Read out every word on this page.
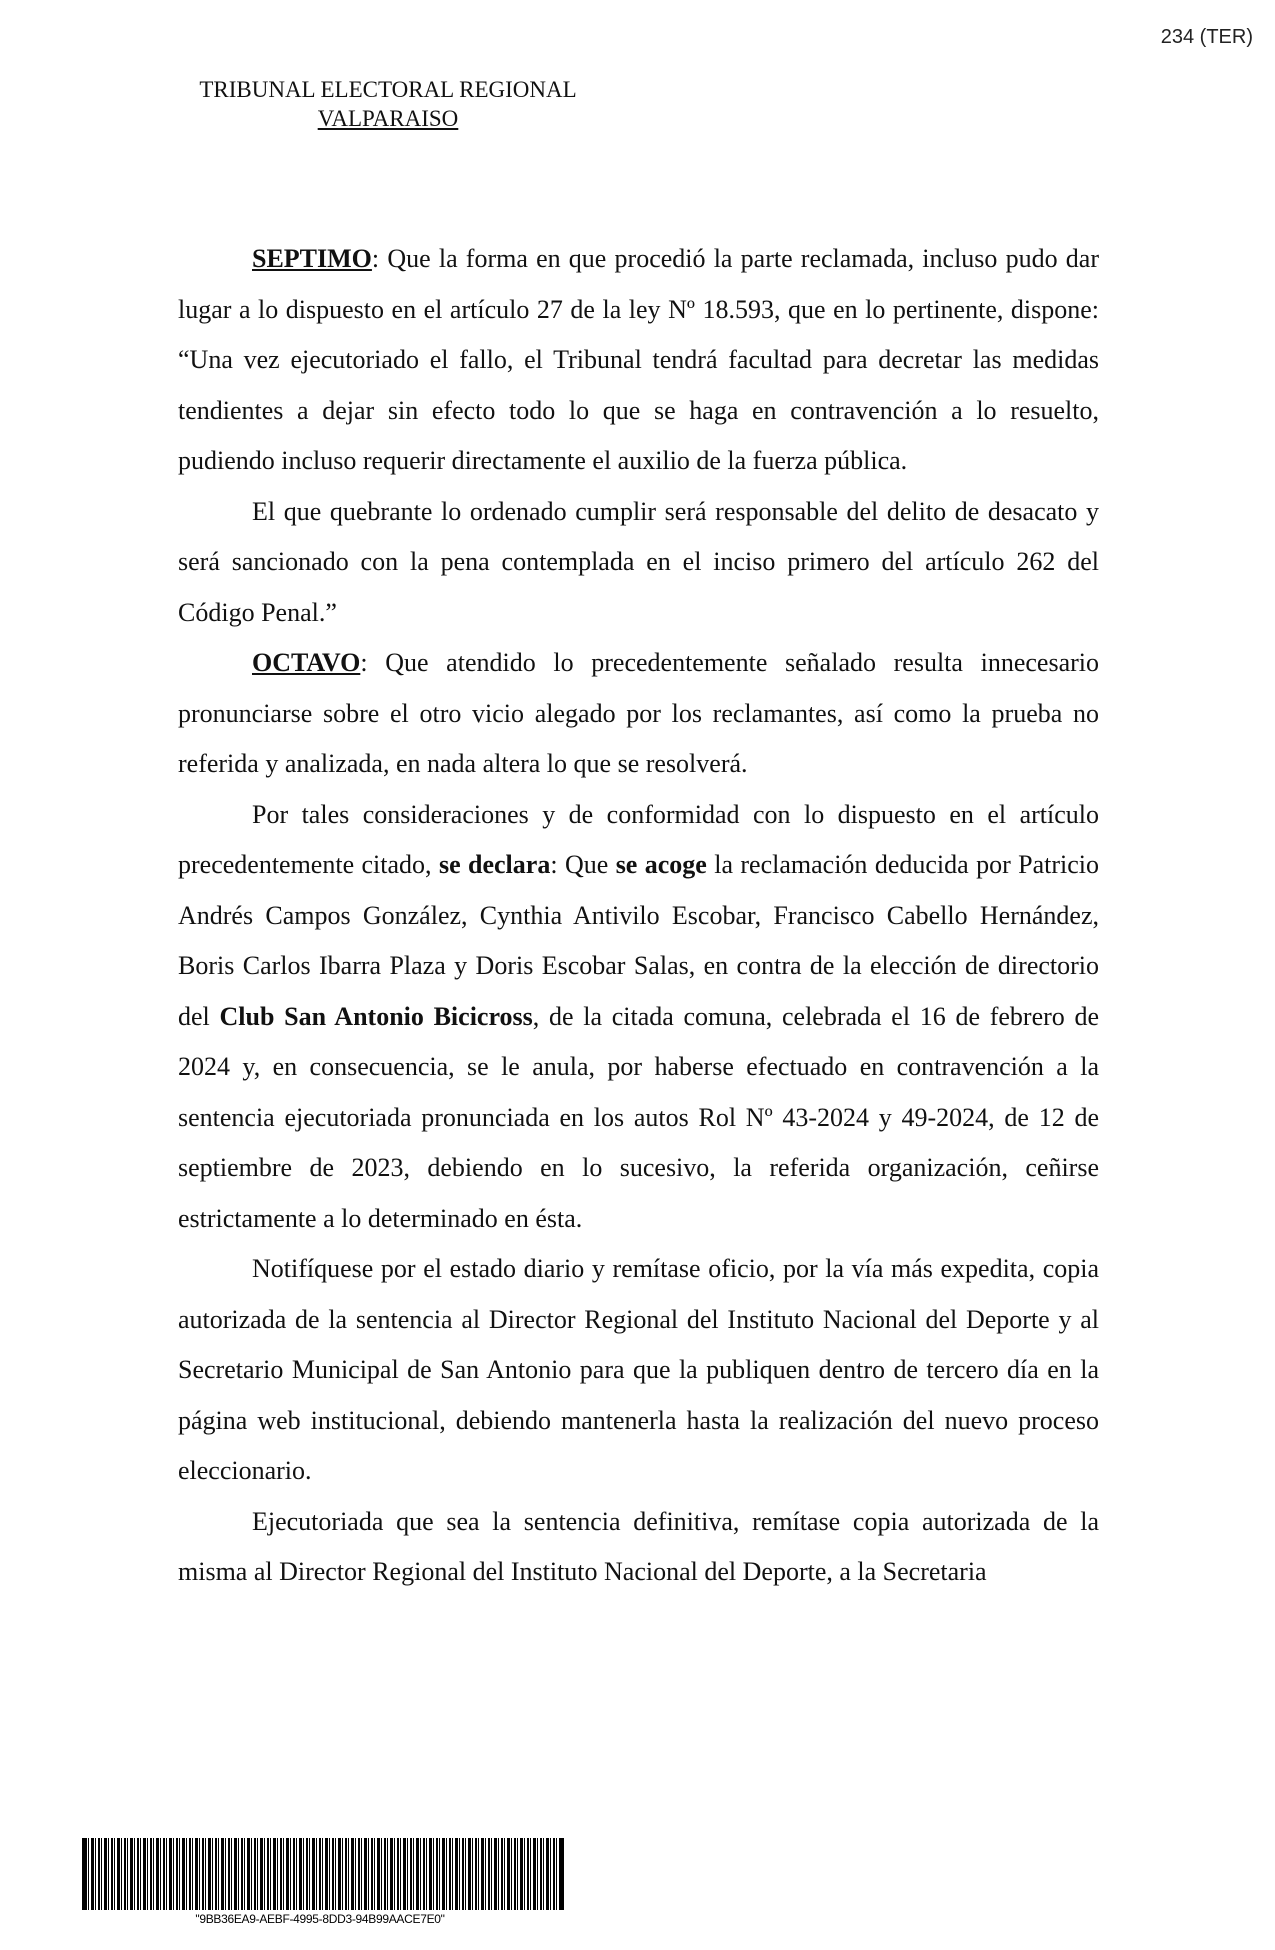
234 (TER)
TRIBUNAL ELECTORAL REGIONAL
VALPARAISO

SEPTIMO: Que la forma en que procedió la parte reclamada, incluso pudo dar lugar a lo dispuesto en el artículo 27 de la ley Nº 18.593, que en lo pertinente, dispone: “Una vez ejecutoriado el fallo, el Tribunal tendrá facultad para decretar las medidas tendientes a dejar sin efecto todo lo que se haga en contravención a lo resuelto, pudiendo incluso requerir directamente el auxilio de la fuerza pública.

El que quebrante lo ordenado cumplir será responsable del delito de desacato y será sancionado con la pena contemplada en el inciso primero del artículo 262 del Código Penal.”

OCTAVO: Que atendido lo precedentemente señalado resulta innecesario pronunciarse sobre el otro vicio alegado por los reclamantes, así como la prueba no referida y analizada, en nada altera lo que se resolverá.

Por tales consideraciones y de conformidad con lo dispuesto en el artículo precedentemente citado, se declara: Que se acoge la reclamación deducida por Patricio Andrés Campos González, Cynthia Antivilo Escobar, Francisco Cabello Hernández, Boris Carlos Ibarra Plaza y Doris Escobar Salas, en contra de la elección de directorio del Club San Antonio Bicicross, de la citada comuna, celebrada el 16 de febrero de 2024 y, en consecuencia, se le anula, por haberse efectuado en contravención a la sentencia ejecutoriada pronunciada en los autos Rol Nº 43-2024 y 49-2024, de 12 de septiembre de 2023, debiendo en lo sucesivo, la referida organización, ceñirse estrictamente a lo determinado en ésta.

Notifíquese por el estado diario y remítase oficio, por la vía más expedita, copia autorizada de la sentencia al Director Regional del Instituto Nacional del Deporte y al Secretario Municipal de San Antonio para que la publiquen dentro de tercero día en la página web institucional, debiendo mantenerla hasta la realización del nuevo proceso eleccionario.

Ejecutoriada que sea la sentencia definitiva, remítase copia autorizada de la misma al Director Regional del Instituto Nacional del Deporte, a la Secretaria

"9BB36EA9-AEBF-4995-8DD3-94B99AACE7E0"
